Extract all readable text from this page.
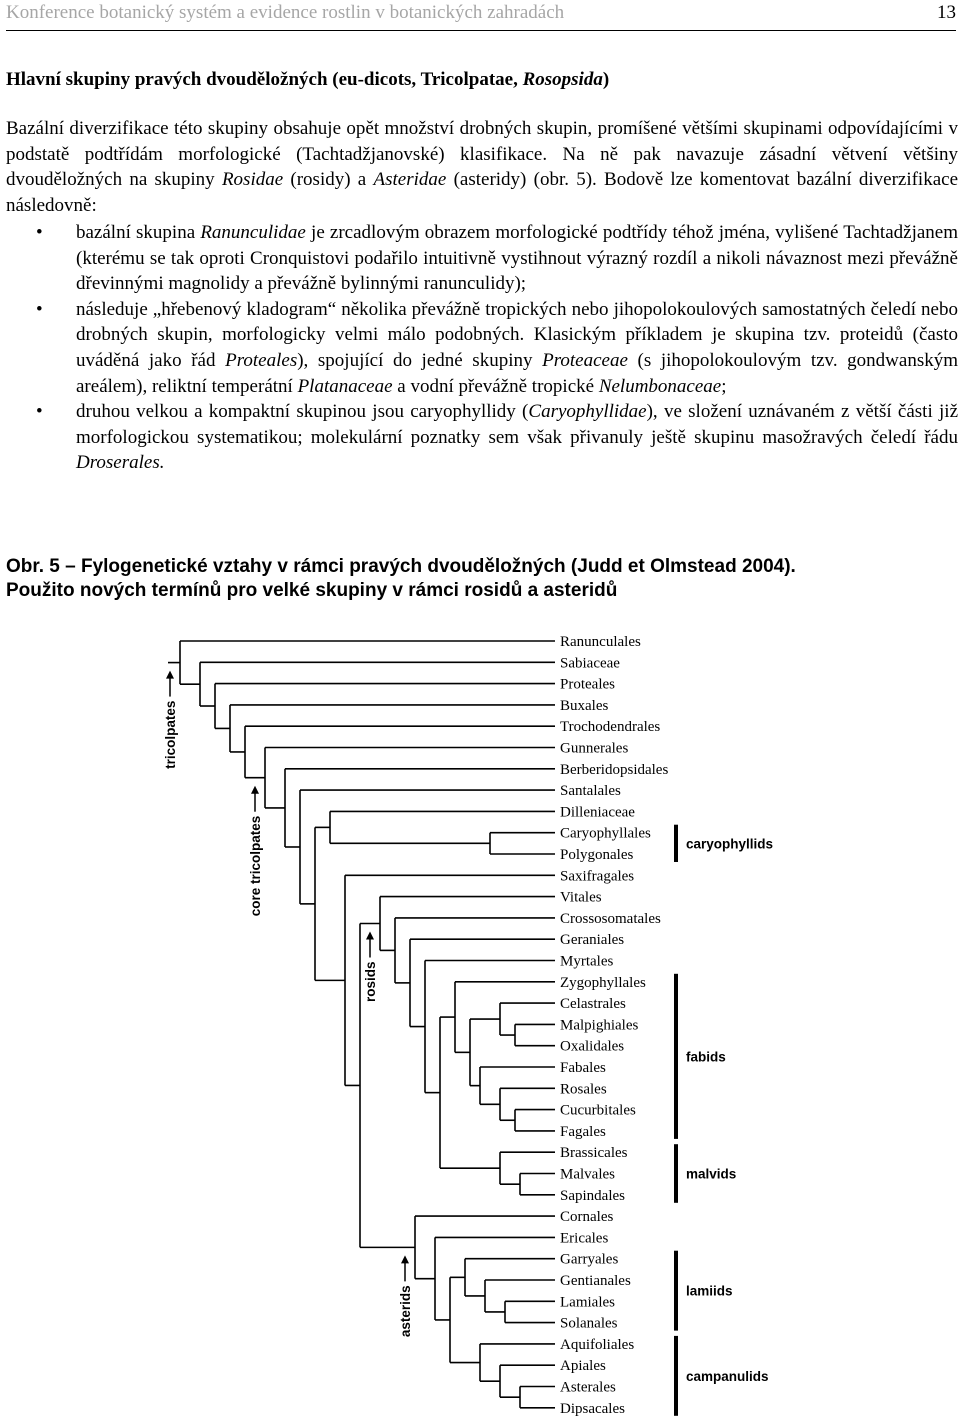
Konference botanický systém a evidence rostlin v botanických zahradách	13
Hlavní skupiny pravých dvouděložných (eu-dicots, Tricolpatae, Rosopsida)

Bazální diverzifikace této skupiny obsahuje opět množství drobných skupin, promíšené většími skupinami odpovídajícími v podstatě podtřídám morfologické (Tachtadžjanovské) klasifikace. Na ně pak navazuje zásadní větvení většiny dvouděložných na skupiny Rosidae (rosidy) a Asteridae (asteridy) (obr. 5). Bodově lze komentovat bazální diverzifikace následovně:

• bazální skupina Ranunculidae je zrcadlovým obrazem morfologické podtřídy téhož jména, vylišené Tachtadžjanem (kterému se tak oproti Cronquistovi podařilo intuitivně vystihnout výrazný rozdíl a nikoli návaznost mezi převážně dřevinnými magnolidy a převážně bylinnými ranunculidy);
• následuje „hřebenový kladogram“ několika převážně tropických nebo jihopolokoulových samostatných čeledí nebo drobných skupin, morfologicky velmi málo podobných. Klasickým příkladem je skupina tzv. proteidů (často uváděná jako řád Proteales), spojující do jedné skupiny Proteaceae (s jihopolokoulovým tzv. gondwanským areálem), reliktní temperátní Platanaceae a vodní převážně tropické Nelumbonaceae;
• druhou velkou a kompaktní skupinou jsou caryophyllidy (Caryophyllidae), ve složení uznávaném z větší části již morfologickou systematikou; molekulární poznatky sem však přivanuly ještě skupinu masožravých čeledí řádu Droserales.

Obr. 5 – Fylogenetické vztahy v rámci pravých dvouděložných (Judd et Olmstead 2004).
Použito nových termínů pro velké skupiny v rámci rosidů a asteridů

Ranunculales
Sabiaceae
Proteales
Buxales
Trochodendrales
Gunnerales
Berberidopsidales
Santalales
Dilleniaceae
Caryophyllales
Polygonales
Saxifragales
Vitales
Crossosomatales
Geraniales
Myrtales
Zygophyllales
Celastrales
Malpighiales
Oxalidales
Fabales
Rosales
Cucurbitales
Fagales
Brassicales
Malvales
Sapindales
Cornales
Ericales
Garryales
Gentianales
Lamiales
Solanales
Aquifoliales
Apiales
Asterales
Dipsacales
tricolpates
core tricolpates
rosids
asterids
caryophyllids
fabids
malvids
lamiids
campanulids
